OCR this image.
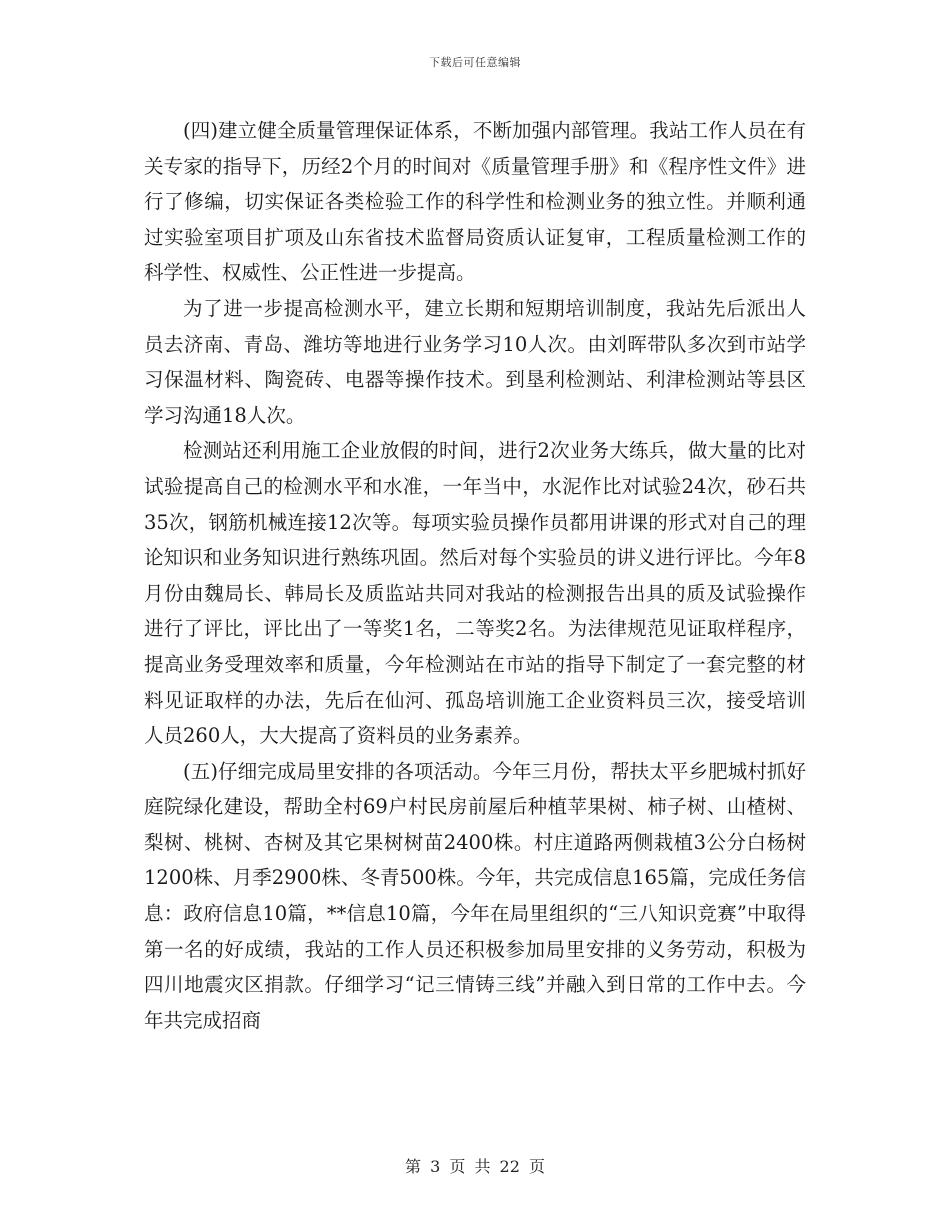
下载后可任意编辑

(四)建立健全质量管理保证体系，不断加强内部管理。我站工作人员在有关专家的指导下，历经2个月的时间对《质量管理手册》和《程序性文件》进行了修编，切实保证各类检验工作的科学性和检测业务的独立性。并顺利通过实验室项目扩项及山东省技术监督局资质认证复审，工程质量检测工作的科学性、权威性、公正性进一步提高。

为了进一步提高检测水平，建立长期和短期培训制度，我站先后派出人员去济南、青岛、潍坊等地进行业务学习10人次。由刘晖带队多次到市站学习保温材料、陶瓷砖、电器等操作技术。到垦利检测站、利津检测站等县区学习沟通18人次。

检测站还利用施工企业放假的时间，进行2次业务大练兵，做大量的比对试验提高自己的检测水平和水准，一年当中，水泥作比对试验24次，砂石共35次，钢筋机械连接12次等。每项实验员操作员都用讲课的形式对自己的理论知识和业务知识进行熟练巩固。然后对每个实验员的讲义进行评比。今年8月份由魏局长、韩局长及质监站共同对我站的检测报告出具的质及试验操作进行了评比，评比出了一等奖1名，二等奖2名。为法律规范见证取样程序，提高业务受理效率和质量，今年检测站在市站的指导下制定了一套完整的材料见证取样的办法，先后在仙河、孤岛培训施工企业资料员三次，接受培训人员260人，大大提高了资料员的业务素养。

(五)仔细完成局里安排的各项活动。今年三月份，帮扶太平乡肥城村抓好庭院绿化建设，帮助全村69户村民房前屋后种植苹果树、柿子树、山楂树、梨树、桃树、杏树及其它果树树苗2400株。村庄道路两侧栽植3公分白杨树1200株、月季2900株、冬青500株。今年，共完成信息165篇，完成任务信息：政府信息10篇，**信息10篇，今年在局里组织的“三八知识竞赛”中取得第一名的好成绩，我站的工作人员还积极参加局里安排的义务劳动，积极为四川地震灾区捐款。仔细学习“记三情铸三线”并融入到日常的工作中去。今年共完成招商

第 3 页 共 22 页
